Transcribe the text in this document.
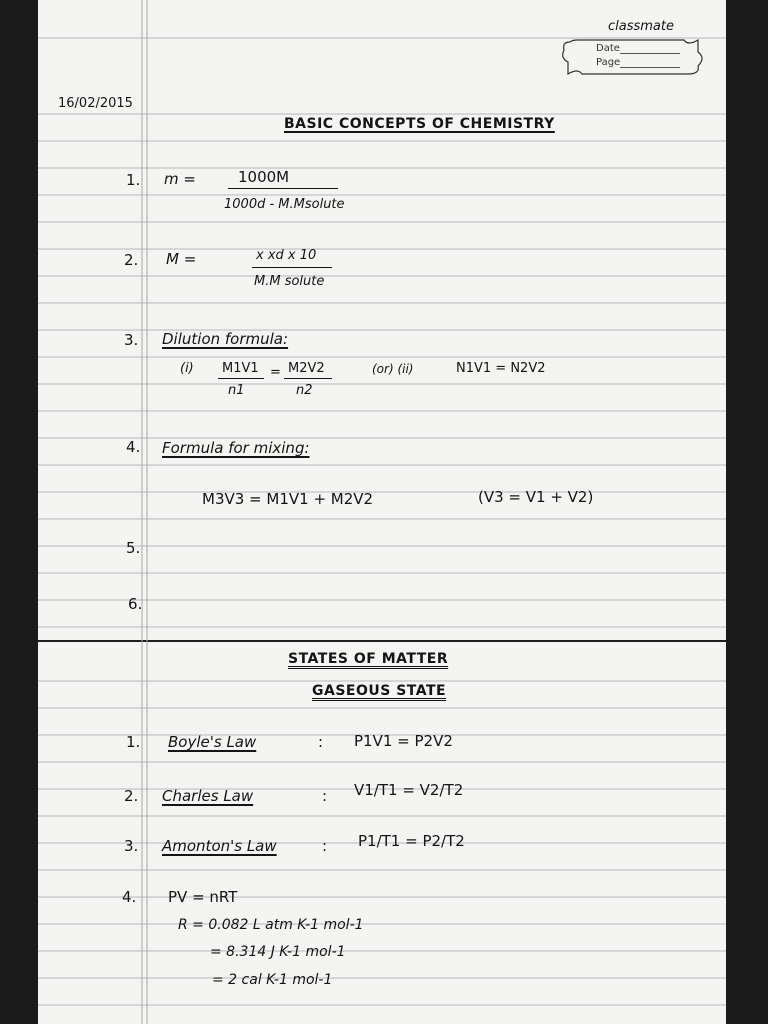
classmate
Date
Page
16/02/2015
BASIC CONCEPTS OF CHEMISTRY
1. m =	1000M
1000d - M.Msolute
2. M =	x xd x 10
M.M solute
3. Dilution formula:
(i) M1V1
n1
= M2V2
n2
(or) (ii)	N1V1 = N2V2
4. Formula for mixing:
M3V3 = M1V1 + M2V2	(V3 = V1 + V2)
5.
6.
STATES OF MATTER
GASEOUS STATE
1. Boyle's Law	: P1V1 = P2V2
2. Charles Law	: V1/T1 = V2/T2
3. Amonton's Law	: P1/T1 = P2/T2
4. PV = nRT
R = 0.082 L atm K-1 mol-1
= 8.314 J K-1 mol-1
= 2 cal K-1 mol-1
